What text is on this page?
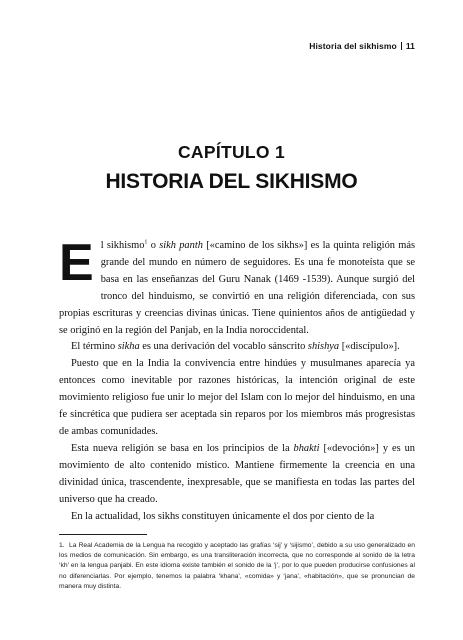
Historia del sikhismo 11
CAPÍTULO 1
HISTORIA DEL SIKHISMO

El sikhismo$^1$ o sikh panth [«camino de los sikhs»] es la quinta religión más grande del mundo en número de seguidores. Es una fe monoteísta que se basa en las enseñanzas del Guru Nanak (1469 -1539). Aunque surgió del tronco del hinduismo, se convirtió en una religión diferenciada, con sus propias escrituras y creencias divinas únicas. Tiene quinientos años de antigüedad y se originó en la región del Panjab, en la India noroccidental.

El término sikha es una derivación del vocablo sánscrito shishya [«discípulo»].

Puesto que en la India la convivencia entre hindúes y musulmanes aparecía ya entonces como inevitable por razones históricas, la intención original de este movimiento religioso fue unir lo mejor del Islam con lo mejor del hinduismo, en una fe sincrética que pudiera ser aceptada sin reparos por los miembros más progresistas de ambas comunidades.

Esta nueva religión se basa en los principios de la bhakti [«devoción»] y es un movimiento de alto contenido místico. Mantiene firmemente la creencia en una divinidad única, trascendente, inexpresable, que se manifiesta en todas las partes del universo que ha creado.

En la actualidad, los sikhs constituyen únicamente el dos por ciento de la

1. La Real Academia de la Lengua ha recogido y aceptado las grafías ‘sij’ y ‘sijismo’, debido a su uso generalizado en los medios de comunicación. Sin embargo, es una transliteración incorrecta, que no corresponde al sonido de la letra ‘kh’ en la lengua panjabi. En este idioma existe también el sonido de la ‘j’, por lo que pueden producirse confusiones al no diferenciarlas. Por ejemplo, tenemos la palabra ‘khana’, «comida» y ‘jana’, «habitación», que se pronuncian de manera muy distinta.
